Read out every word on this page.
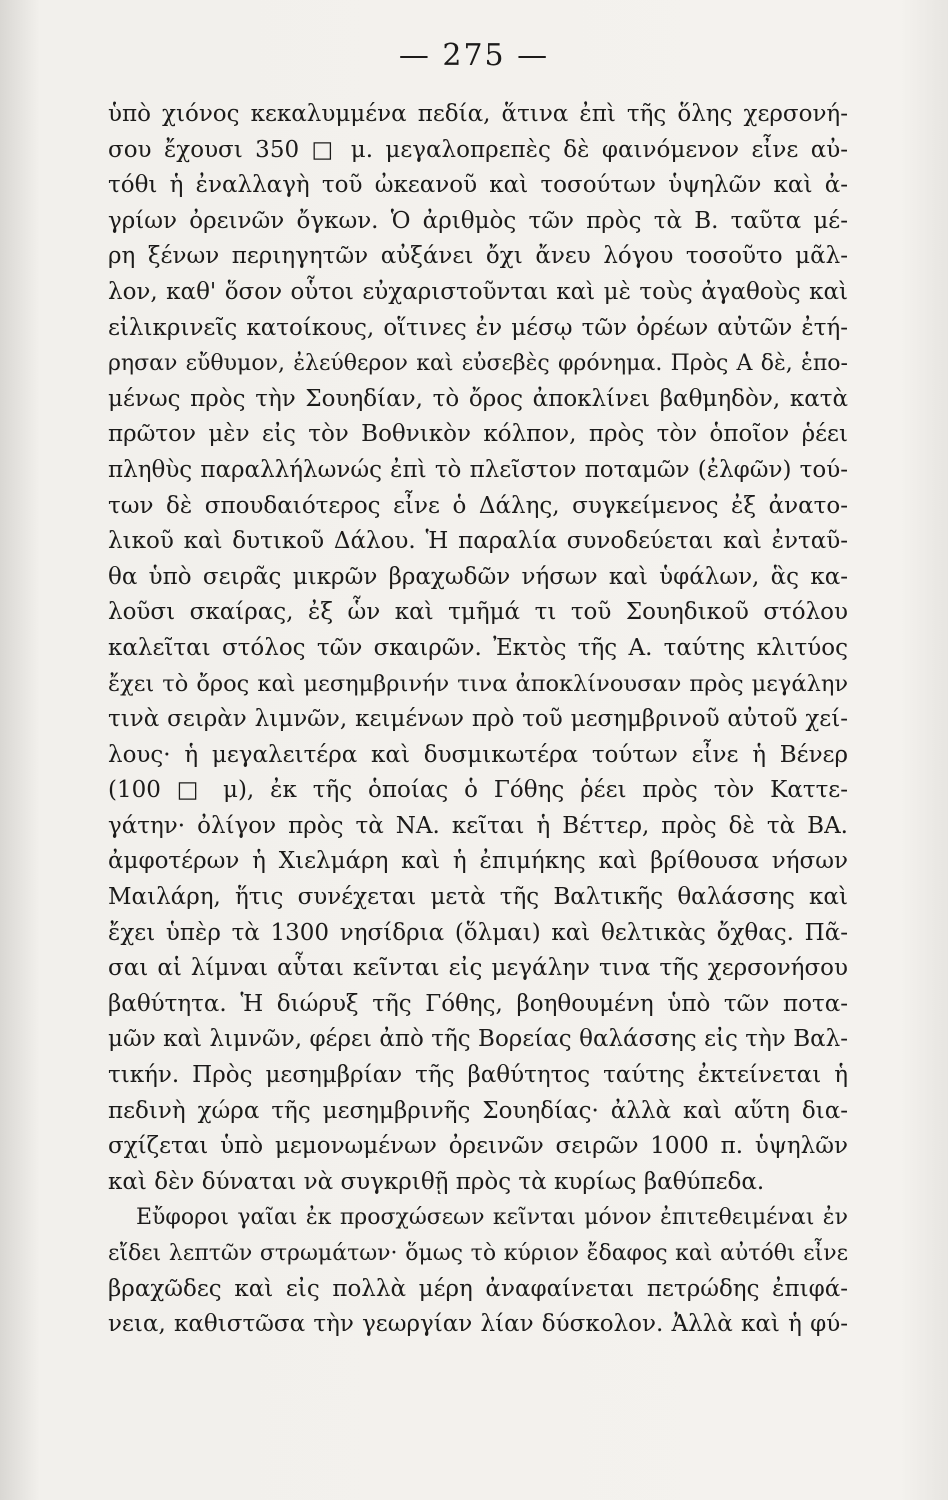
— 275 —
ὑπὸ χιόνος κεκαλυμμένα πεδία, ἅτινα ἐπὶ τῆς ὅλης χερσονή-
σου ἔχουσι 350 □ μ. μεγαλοπρεπὲς δὲ φαινόμενον εἶνε αὐ-
τόθι ἡ ἐναλλαγὴ τοῦ ὠκεανοῦ καὶ τοσούτων ὑψηλῶν καὶ ἀ-
γρίων ὀρεινῶν ὄγκων. Ὁ ἀριθμὸς τῶν πρὸς τὰ Β. ταῦτα μέ-
ρη ξένων περιηγητῶν αὐξάνει ὄχι ἄνευ λόγου τοσοῦτο μᾶλ-
λον, καθ' ὅσον οὗτοι εὐχαριστοῦνται καὶ μὲ τοὺς ἀγαθοὺς καὶ
εἰλικρινεῖς κατοίκους, οἵτινες ἐν μέσῳ τῶν ὀρέων αὐτῶν ἐτή-
ρησαν εὔθυμον, ἐλεύθερον καὶ εὐσεβὲς φρόνημα. Πρὸς Α δὲ, ἑπο-
μένως πρὸς τὴν Σουηδίαν, τὸ ὄρος ἀποκλίνει βαθμηδὸν, κατὰ
πρῶτον μὲν εἰς τὸν Βοθνικὸν κόλπον, πρὸς τὸν ὁποῖον ῥέει
πληθὺς παραλλήλωνώς ἐπὶ τὸ πλεῖστον ποταμῶν (ἐλφῶν) τού-
των δὲ σπουδαιότερος εἶνε ὁ Δάλης, συγκείμενος ἐξ ἀνατο-
λικοῦ καὶ δυτικοῦ Δάλου. Ἡ παραλία συνοδεύεται καὶ ἐνταῦ-
θα ὑπὸ σειρᾶς μικρῶν βραχωδῶν νήσων καὶ ὑφάλων, ἃς κα-
λοῦσι σκαίρας, ἐξ ὧν καὶ τμῆμά τι τοῦ Σουηδικοῦ στόλου
καλεῖται στόλος τῶν σκαιρῶν. Ἐκτὸς τῆς Α. ταύτης κλιτύος
ἔχει τὸ ὄρος καὶ μεσημβρινήν τινα ἀποκλίνουσαν πρὸς μεγάλην
τινὰ σειρὰν λιμνῶν, κειμένων πρὸ τοῦ μεσημβρινοῦ αὐτοῦ χεί-
λους· ἡ μεγαλειτέρα καὶ δυσμικωτέρα τούτων εἶνε ἡ Βένερ
(100 □ μ), ἐκ τῆς ὁποίας ὁ Γόθης ῥέει πρὸς τὸν Καττε-
γάτην· ὀλίγον πρὸς τὰ ΝΑ. κεῖται ἡ Βέττερ, πρὸς δὲ τὰ ΒΑ.
ἀμφοτέρων ἡ Χιελμάρη καὶ ἡ ἐπιμήκης καὶ βρίθουσα νήσων
Μαιλάρη, ἥτις συνέχεται μετὰ τῆς Βαλτικῆς θαλάσσης καὶ
ἔχει ὑπὲρ τὰ 1300 νησίδρια (ὅλμαι) καὶ θελτικὰς ὄχθας. Πᾶ-
σαι αἱ λίμναι αὗται κεῖνται εἰς μεγάλην τινα τῆς χερσονήσου
βαθύτητα. Ἡ διώρυξ τῆς Γόθης, βοηθουμένη ὑπὸ τῶν ποτα-
μῶν καὶ λιμνῶν, φέρει ἀπὸ τῆς Βορείας θαλάσσης εἰς τὴν Βαλ-
τικήν. Πρὸς μεσημβρίαν τῆς βαθύτητος ταύτης ἐκτείνεται ἡ
πεδινὴ χώρα τῆς μεσημβρινῆς Σουηδίας· ἀλλὰ καὶ αὕτη δια-
σχίζεται ὑπὸ μεμονωμένων ὀρεινῶν σειρῶν 1000 π. ὑψηλῶν
καὶ δὲν δύναται νὰ συγκριθῇ πρὸς τὰ κυρίως βαθύπεδα.
Εὔφοροι γαῖαι ἐκ προσχώσεων κεῖνται μόνον ἐπιτεθειμέναι ἐν
εἴδει λεπτῶν στρωμάτων· ὅμως τὸ κύριον ἔδαφος καὶ αὐτόθι εἶνε
βραχῶδες καὶ εἰς πολλὰ μέρη ἀναφαίνεται πετρώδης ἐπιφά-
νεια, καθιστῶσα τὴν γεωργίαν λίαν δύσκολον. Ἀλλὰ καὶ ἡ φύ-
